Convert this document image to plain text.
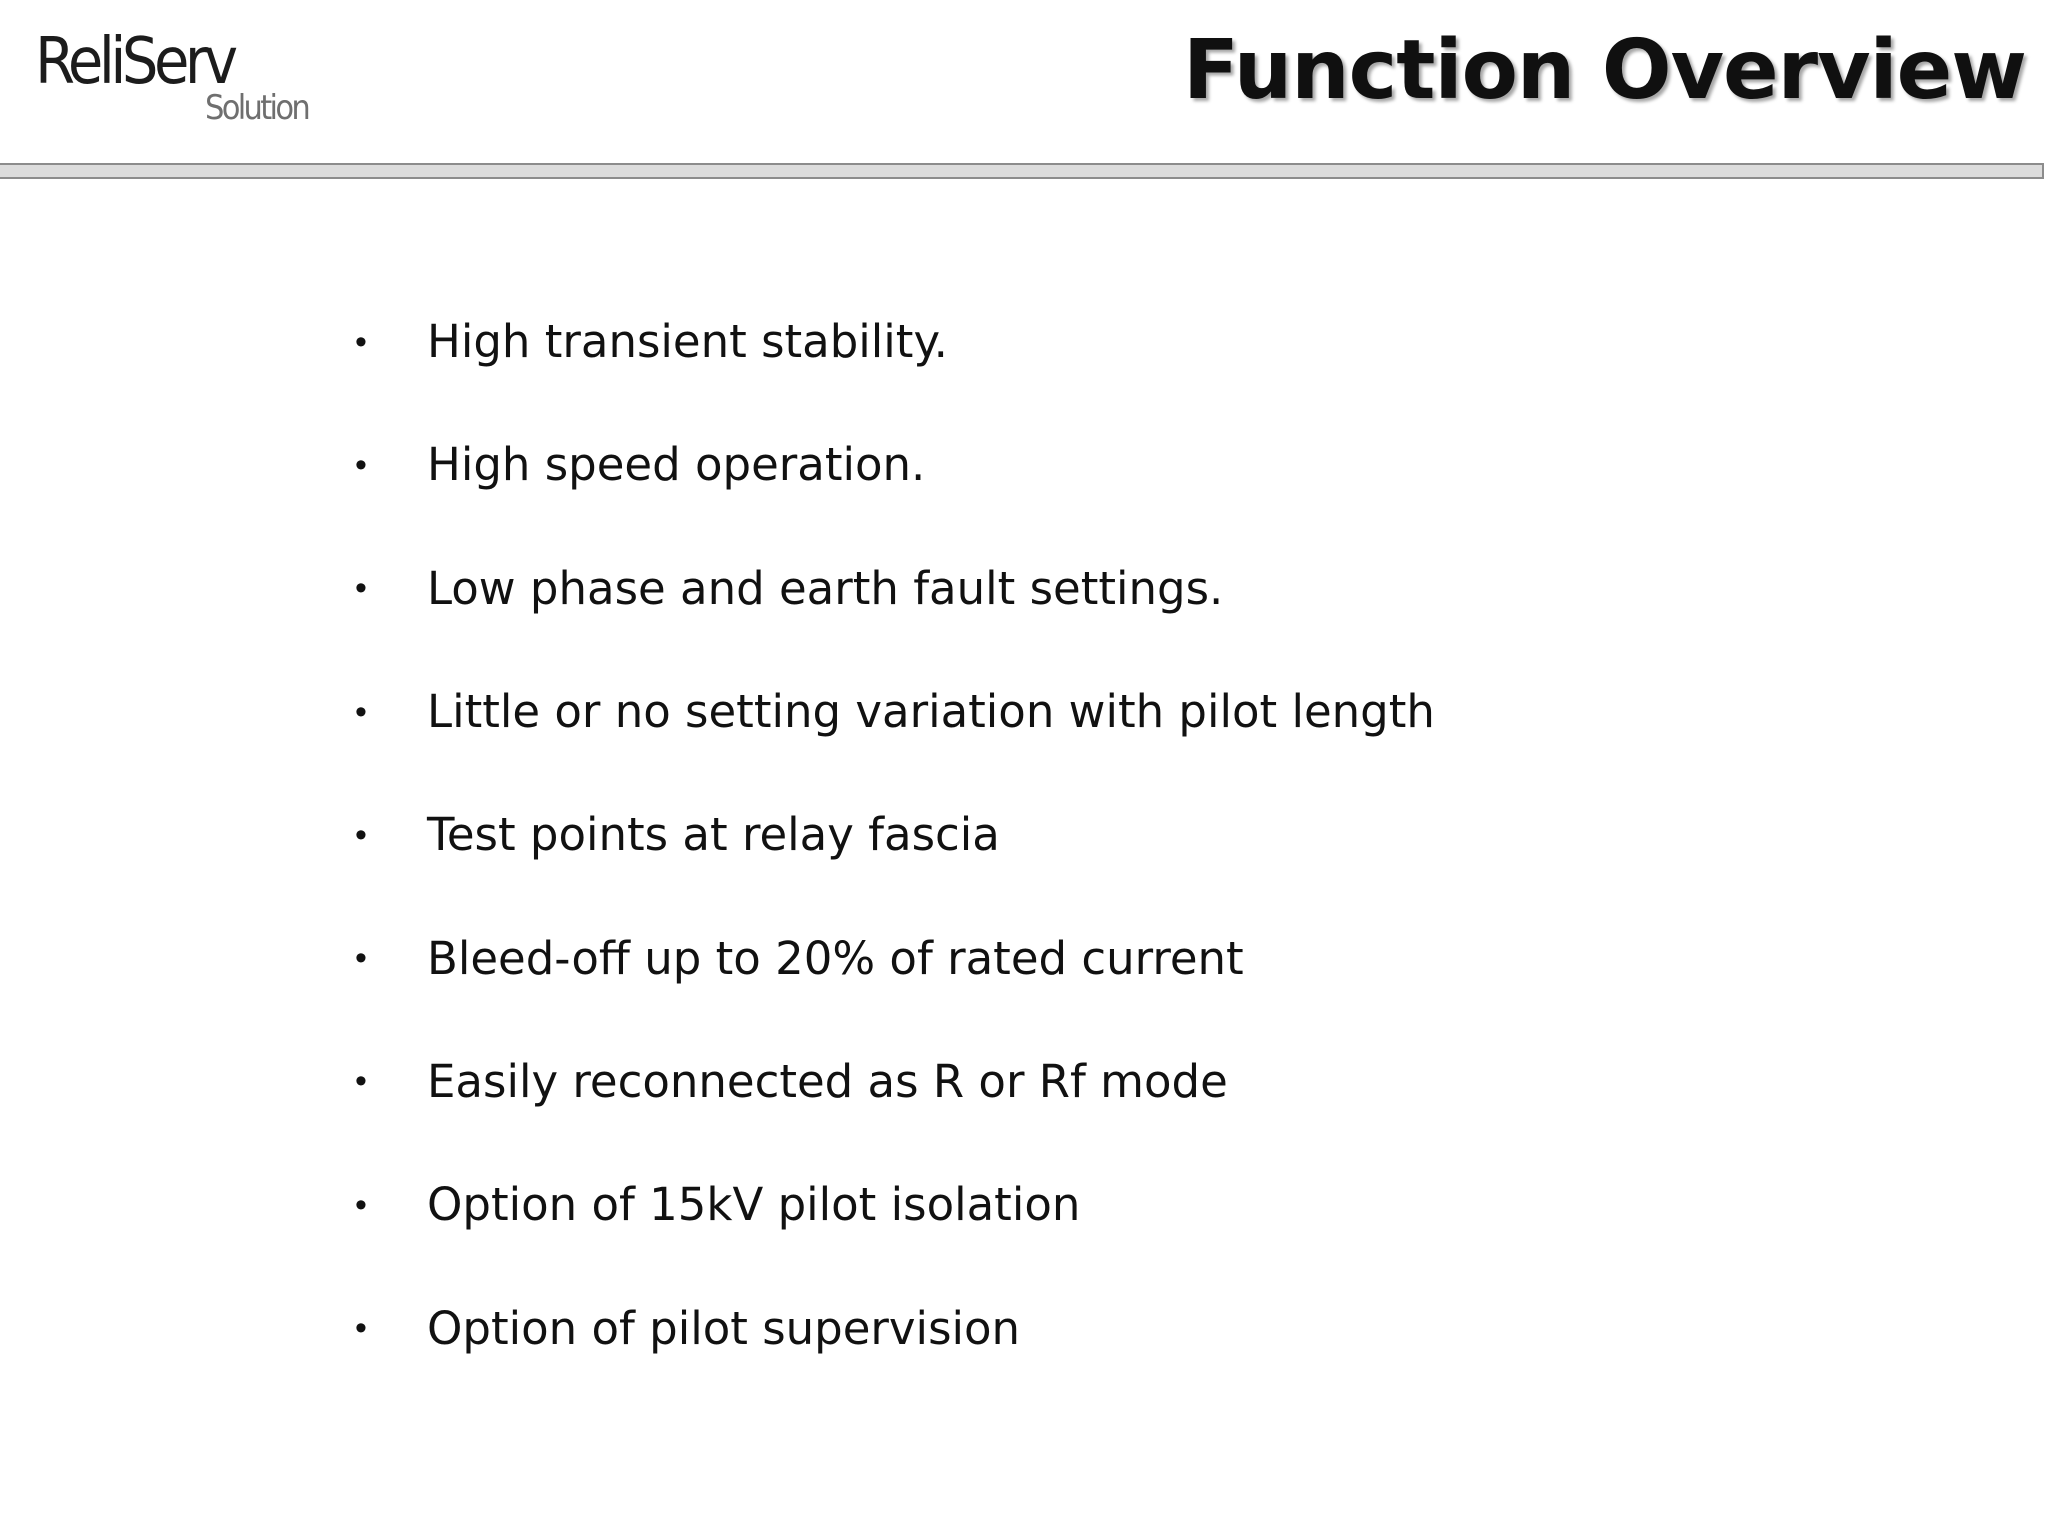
ReliServ
Solution	Function Overview
•	High transient stability.
•	High speed operation.
•	Low phase and earth fault settings.
•	Little or no setting variation with pilot length
•	Test points at relay fascia
•	Bleed-off up to 20% of rated current
•	Easily reconnected as R or Rf mode
•	Option of 15kV pilot isolation
•	Option of pilot supervision
